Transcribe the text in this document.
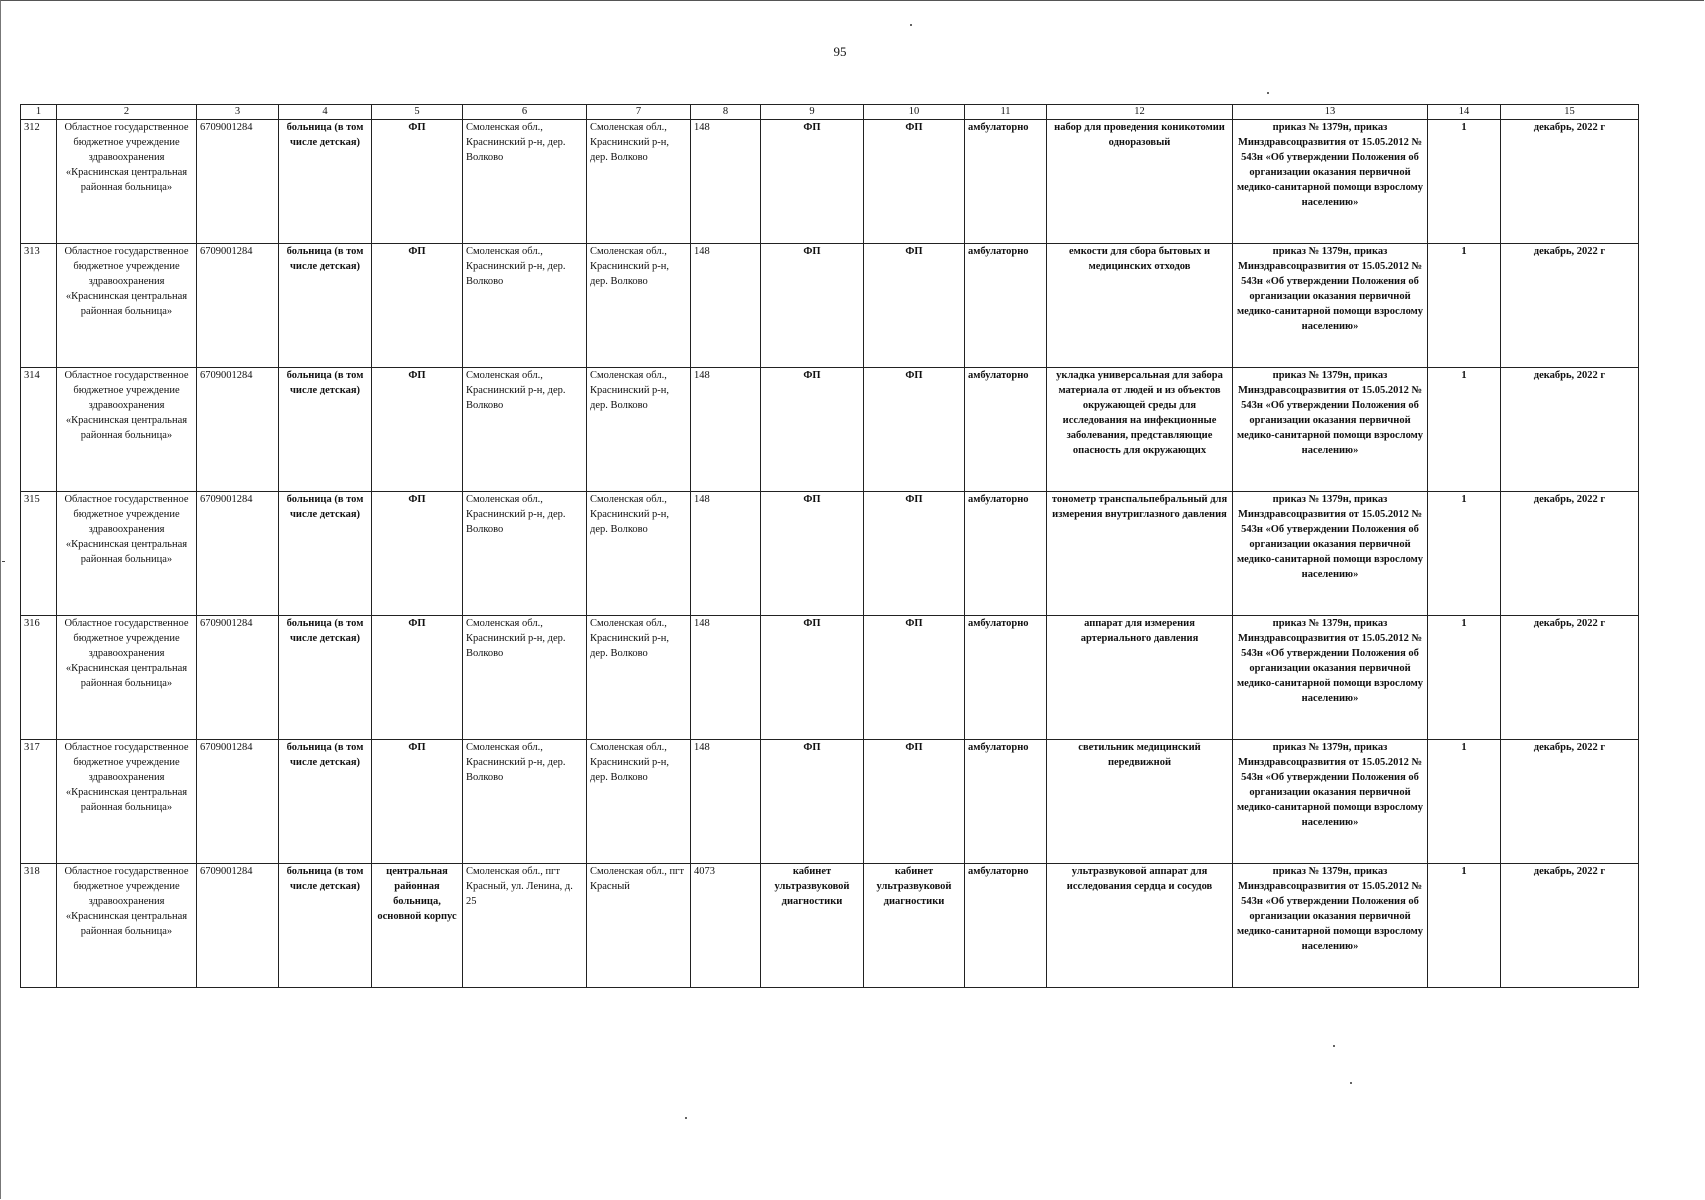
95
1	2	3	4	5	6	7	8	9	10	11	12	13	14	15
312	Областное государственное бюджетное учреждение здравоохранения «Краснинская центральная районная больница»	6709001284	больница (в том числе детская)	ФП	Смоленская обл., Краснинский р-н, дер. Волково	Смоленская обл., Краснинский р-н, дер. Волково	148	ФП	ФП	амбулаторно	набор для проведения коникотомии одноразовый	приказ № 1379н, приказ Минздравсоцразвития от 15.05.2012 № 543н «Об утверждении Положения об организации оказания первичной медико-санитарной помощи взрослому населению»	1	декабрь, 2022 г
313	Областное государственное бюджетное учреждение здравоохранения «Краснинская центральная районная больница»	6709001284	больница (в том числе детская)	ФП	Смоленская обл., Краснинский р-н, дер. Волково	Смоленская обл., Краснинский р-н, дер. Волково	148	ФП	ФП	амбулаторно	емкости для сбора бытовых и медицинских отходов	приказ № 1379н, приказ Минздравсоцразвития от 15.05.2012 № 543н «Об утверждении Положения об организации оказания первичной медико-санитарной помощи взрослому населению»	1	декабрь, 2022 г
314	Областное государственное бюджетное учреждение здравоохранения «Краснинская центральная районная больница»	6709001284	больница (в том числе детская)	ФП	Смоленская обл., Краснинский р-н, дер. Волково	Смоленская обл., Краснинский р-н, дер. Волково	148	ФП	ФП	амбулаторно	укладка универсальная для забора материала от людей и из объектов окружающей среды для исследования на инфекционные заболевания, представляющие опасность для окружающих	приказ № 1379н, приказ Минздравсоцразвития от 15.05.2012 № 543н «Об утверждении Положения об организации оказания первичной медико-санитарной помощи взрослому населению»	1	декабрь, 2022 г
315	Областное государственное бюджетное учреждение здравоохранения «Краснинская центральная районная больница»	6709001284	больница (в том числе детская)	ФП	Смоленская обл., Краснинский р-н, дер. Волково	Смоленская обл., Краснинский р-н, дер. Волково	148	ФП	ФП	амбулаторно	тонометр транспальпебральный для измерения внутриглазного давления	приказ № 1379н, приказ Минздравсоцразвития от 15.05.2012 № 543н «Об утверждении Положения об организации оказания первичной медико-санитарной помощи взрослому населению»	1	декабрь, 2022 г
316	Областное государственное бюджетное учреждение здравоохранения «Краснинская центральная районная больница»	6709001284	больница (в том числе детская)	ФП	Смоленская обл., Краснинский р-н, дер. Волково	Смоленская обл., Краснинский р-н, дер. Волково	148	ФП	ФП	амбулаторно	аппарат для измерения артериального давления	приказ № 1379н, приказ Минздравсоцразвития от 15.05.2012 № 543н «Об утверждении Положения об организации оказания первичной медико-санитарной помощи взрослому населению»	1	декабрь, 2022 г
317	Областное государственное бюджетное учреждение здравоохранения «Краснинская центральная районная больница»	6709001284	больница (в том числе детская)	ФП	Смоленская обл., Краснинский р-н, дер. Волково	Смоленская обл., Краснинский р-н, дер. Волково	148	ФП	ФП	амбулаторно	светильник медицинский передвижной	приказ № 1379н, приказ Минздравсоцразвития от 15.05.2012 № 543н «Об утверждении Положения об организации оказания первичной медико-санитарной помощи взрослому населению»	1	декабрь, 2022 г
318	Областное государственное бюджетное учреждение здравоохранения «Краснинская центральная районная больница»	6709001284	больница (в том числе детская)	центральная районная больница, основной корпус	Смоленская обл., пгт Красный, ул. Ленина, д. 25	Смоленская обл., пгт Красный	4073	кабинет ультразвуковой диагностики	кабинет ультразвуковой диагностики	амбулаторно	ультразвуковой аппарат для исследования сердца и сосудов	приказ № 1379н, приказ Минздравсоцразвития от 15.05.2012 № 543н «Об утверждении Положения об организации оказания первичной медико-санитарной помощи взрослому населению»	1	декабрь, 2022 г
